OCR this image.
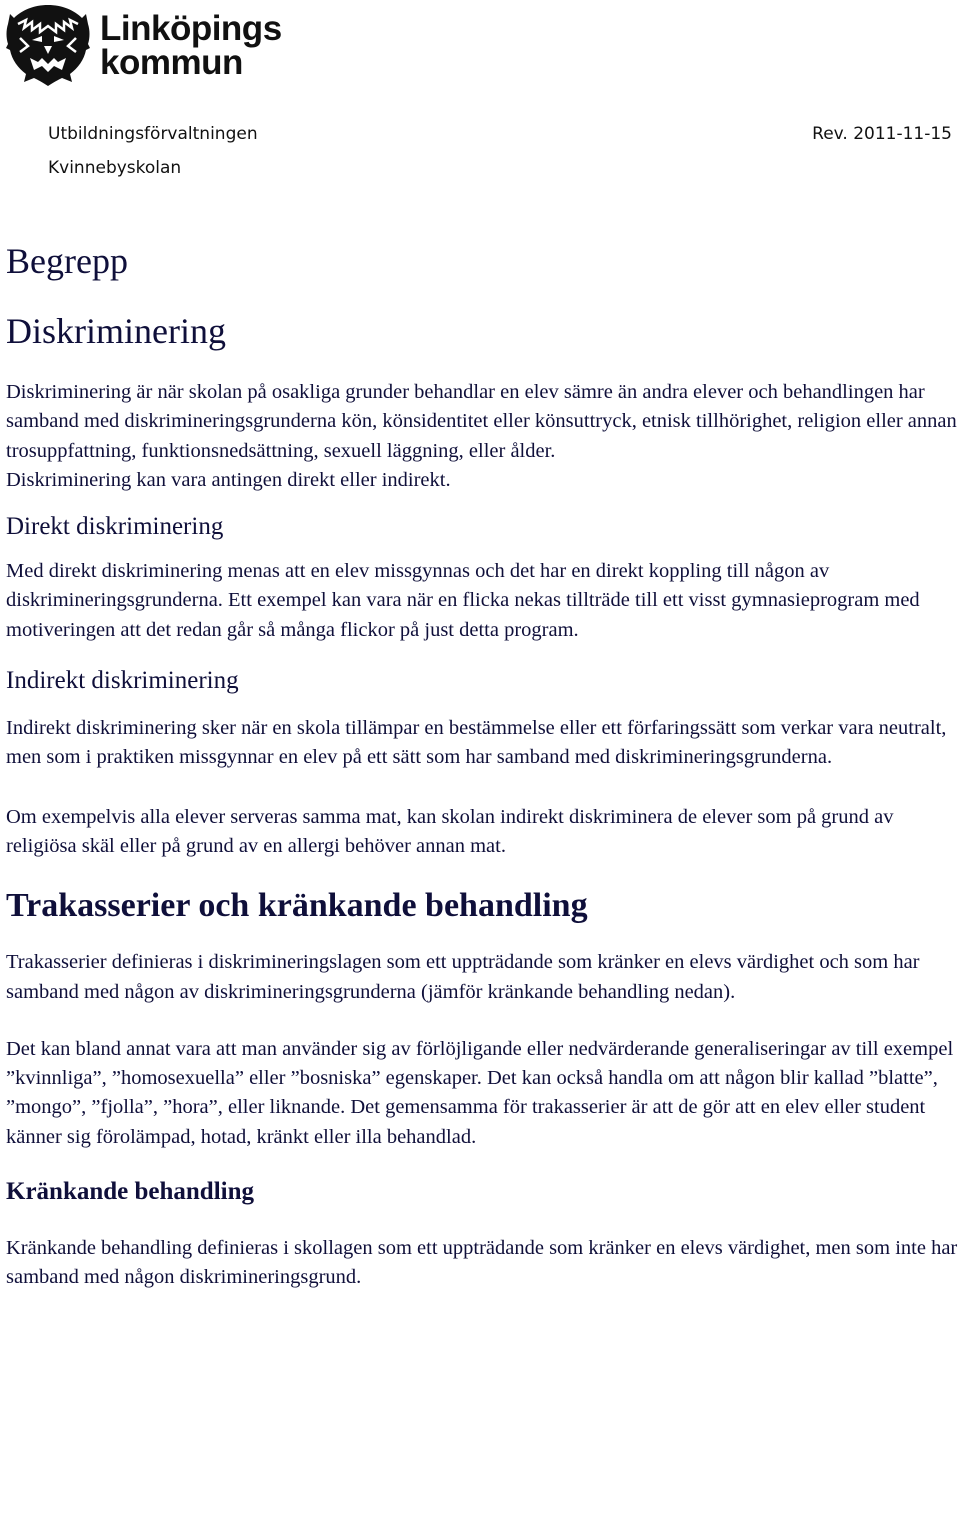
Linköpings
kommun
Utbildningsförvaltningen	Rev. 2011-11-15
Kvinnebyskolan
Begrepp
Diskriminering

Diskriminering är när skolan på osakliga grunder behandlar en elev sämre än andra elever och behandlingen har samband med diskrimineringsgrunderna kön, könsidentitet eller könsuttryck, etnisk tillhörighet, religion eller annan trosuppfattning, funktionsnedsättning, sexuell läggning, eller ålder.

Diskriminering kan vara antingen direkt eller indirekt.

Direkt diskriminering

Med direkt diskriminering menas att en elev missgynnas och det har en direkt koppling till någon av diskrimineringsgrunderna. Ett exempel kan vara när en flicka nekas tillträde till ett visst gymnasieprogram med motiveringen att det redan går så många flickor på just detta program.

Indirekt diskriminering

Indirekt diskriminering sker när en skola tillämpar en bestämmelse eller ett förfaringssätt som verkar vara neutralt, men som i praktiken missgynnar en elev på ett sätt som har samband med diskrimineringsgrunderna.

Om exempelvis alla elever serveras samma mat, kan skolan indirekt diskriminera de elever som på grund av religiösa skäl eller på grund av en allergi behöver annan mat.

Trakasserier och kränkande behandling

Trakasserier definieras i diskrimineringslagen som ett uppträdande som kränker en elevs värdighet och som har samband med någon av diskrimineringsgrunderna (jämför kränkande behandling nedan).

Det kan bland annat vara att man använder sig av förlöjligande eller nedvärderande generaliseringar av till exempel ”kvinnliga”, ”homosexuella” eller ”bosniska” egenskaper. Det kan också handla om att någon blir kallad ”blatte”, ”mongo”, ”fjolla”, ”hora”, eller liknande. Det gemensamma för trakasserier är att de gör att en elev eller student känner sig förolämpad, hotad, kränkt eller illa behandlad.

Kränkande behandling

Kränkande behandling definieras i skollagen som ett uppträdande som kränker en elevs värdighet, men som inte har samband med någon diskrimineringsgrund.
